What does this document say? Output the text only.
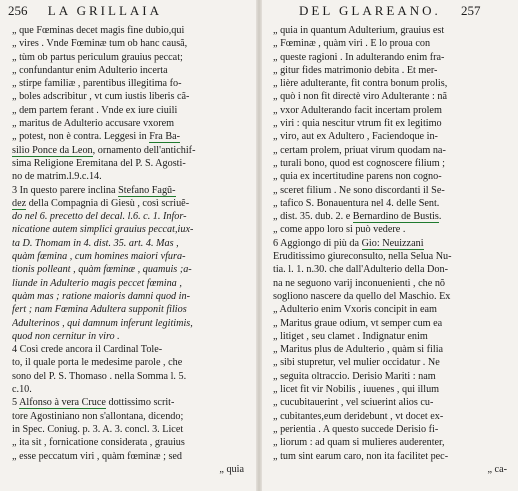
256 LA GRILLAIA
„ que Fœminas decet magis fine dubio,qui
„ vires . Vnde Fœminæ tum ob hanc causã,
„ tùm ob partus periculum grauius peccat;
„ confundantur enim Adulterio incerta
„ stirpe familiæ , parentibus illegitima fo-
„ boles adscribitur , vt cum iustis liberis cã-
„ dem partem ferant . Vnde ex iure ciuili
„ maritus de Adulterio accusare vxorem
„ potest, non è contra. Leggesi in Fra Ba-
silio Ponce da Leon, ornamento dell'antichif-
sima Religione Eremitana del P. S. Agosti-
no de matrim.l.9.c.14.
3 In questo parere inclina Stefano Fagũ-
dez della Compagnia di Giesù , così scriuẽ-
do nel 6. precetto del decal. l.6. c. 1. Infor-
nicatione autem simplici grauius peccat,iux-
ta D. Thomam in 4. dist. 35. art. 4. Mas ,
quàm fœmina , cum homines maiori vfura-
tionis polleant , quàm fœminæ , quamuis ;a-
liunde in Adulterio magis peccet fœmina ,
quàm mas ; ratione maioris damni quod in-
fert ; nam Fœmina Adultera supponit filios
Adulterinos , qui damnum inferunt legitimis,
quod non cernitur in viro .
4 Così crede ancora il Cardinal Tole-
to, il quale porta le medesime parole , che
sono del P. S. Thomaso . nella Somma l. 5.
c.10.
5 Alfonso à vera Cruce dottissimo scrit-
tore Agostiniano non s'allontana, dicendo;
in Spec. Coniug. p. 3. A. 3. concl. 3. Licet
„ ita sit , fornicatione considerata , grauius
„ esse peccatum viri , quàm fœminæ ; sed
„ quia
DEL GLAREANO. 257
„ quia in quantum Adulterium, grauius est
„ Fœminæ , quàm viri . E lo proua con
„ queste ragioni . In adulterando enim fra-
„ gitur fides matrimonio debita . Et mer-
„ lière adulterante, fit contra bonum prolis,
„ quò i non fit directè viro Adulterante : nã
„ vxor Adulterando facit incertam prolem
„ viri : quia nescitur vtrum fit ex legitimo
„ viro, aut ex Adultero , Faciendoque in-
„ certam prolem, priuat virum quodam na-
„ turali bono, quod est cognoscere filium ;
„ quia ex incertitudine parens non cogno-
„ sceret filium . Ne sono discordanti il Se-
„ tafico S. Bonauentura nel 4. delle Sent.
„ dist. 35. dub. 2. e Bernardino de Bustis.
„ come appo loro si può vedere .
6 Aggiongo di più da Gio: Neuizzani
Eruditissimo giureconsulto, nella Selua Nu-
tia. l. 1. n.30. che dall'Adulterio della Don-
na ne seguono varij inconuenienti , che nõ
sogliono nascere da quello del Maschio. Ex
„ Adulterio enim Vxoris concipit in eam
„ Maritus graue odium, vt semper cum ea
„ litiget , seu clamet . Indignatur enim
„ Maritus plus de Adulterio , quàm si filia
„ sibi stupretur, vel mulier occidatur . Ne
„ seguita oltraccio. Derisio Mariti : nam
„ licet fit vir Nobilis , iuuenes , qui illum
„ cucubitauerint , vel sciuerint alios cu-
„ cubitantes,eum deridebunt , vt docet ex-
„ perientia . A questo succede Derisio fi-
„ liorum : ad quam si mulieres auderenter,
„ tum sint earum caro, non ita facilitet pec-
„ ca-
